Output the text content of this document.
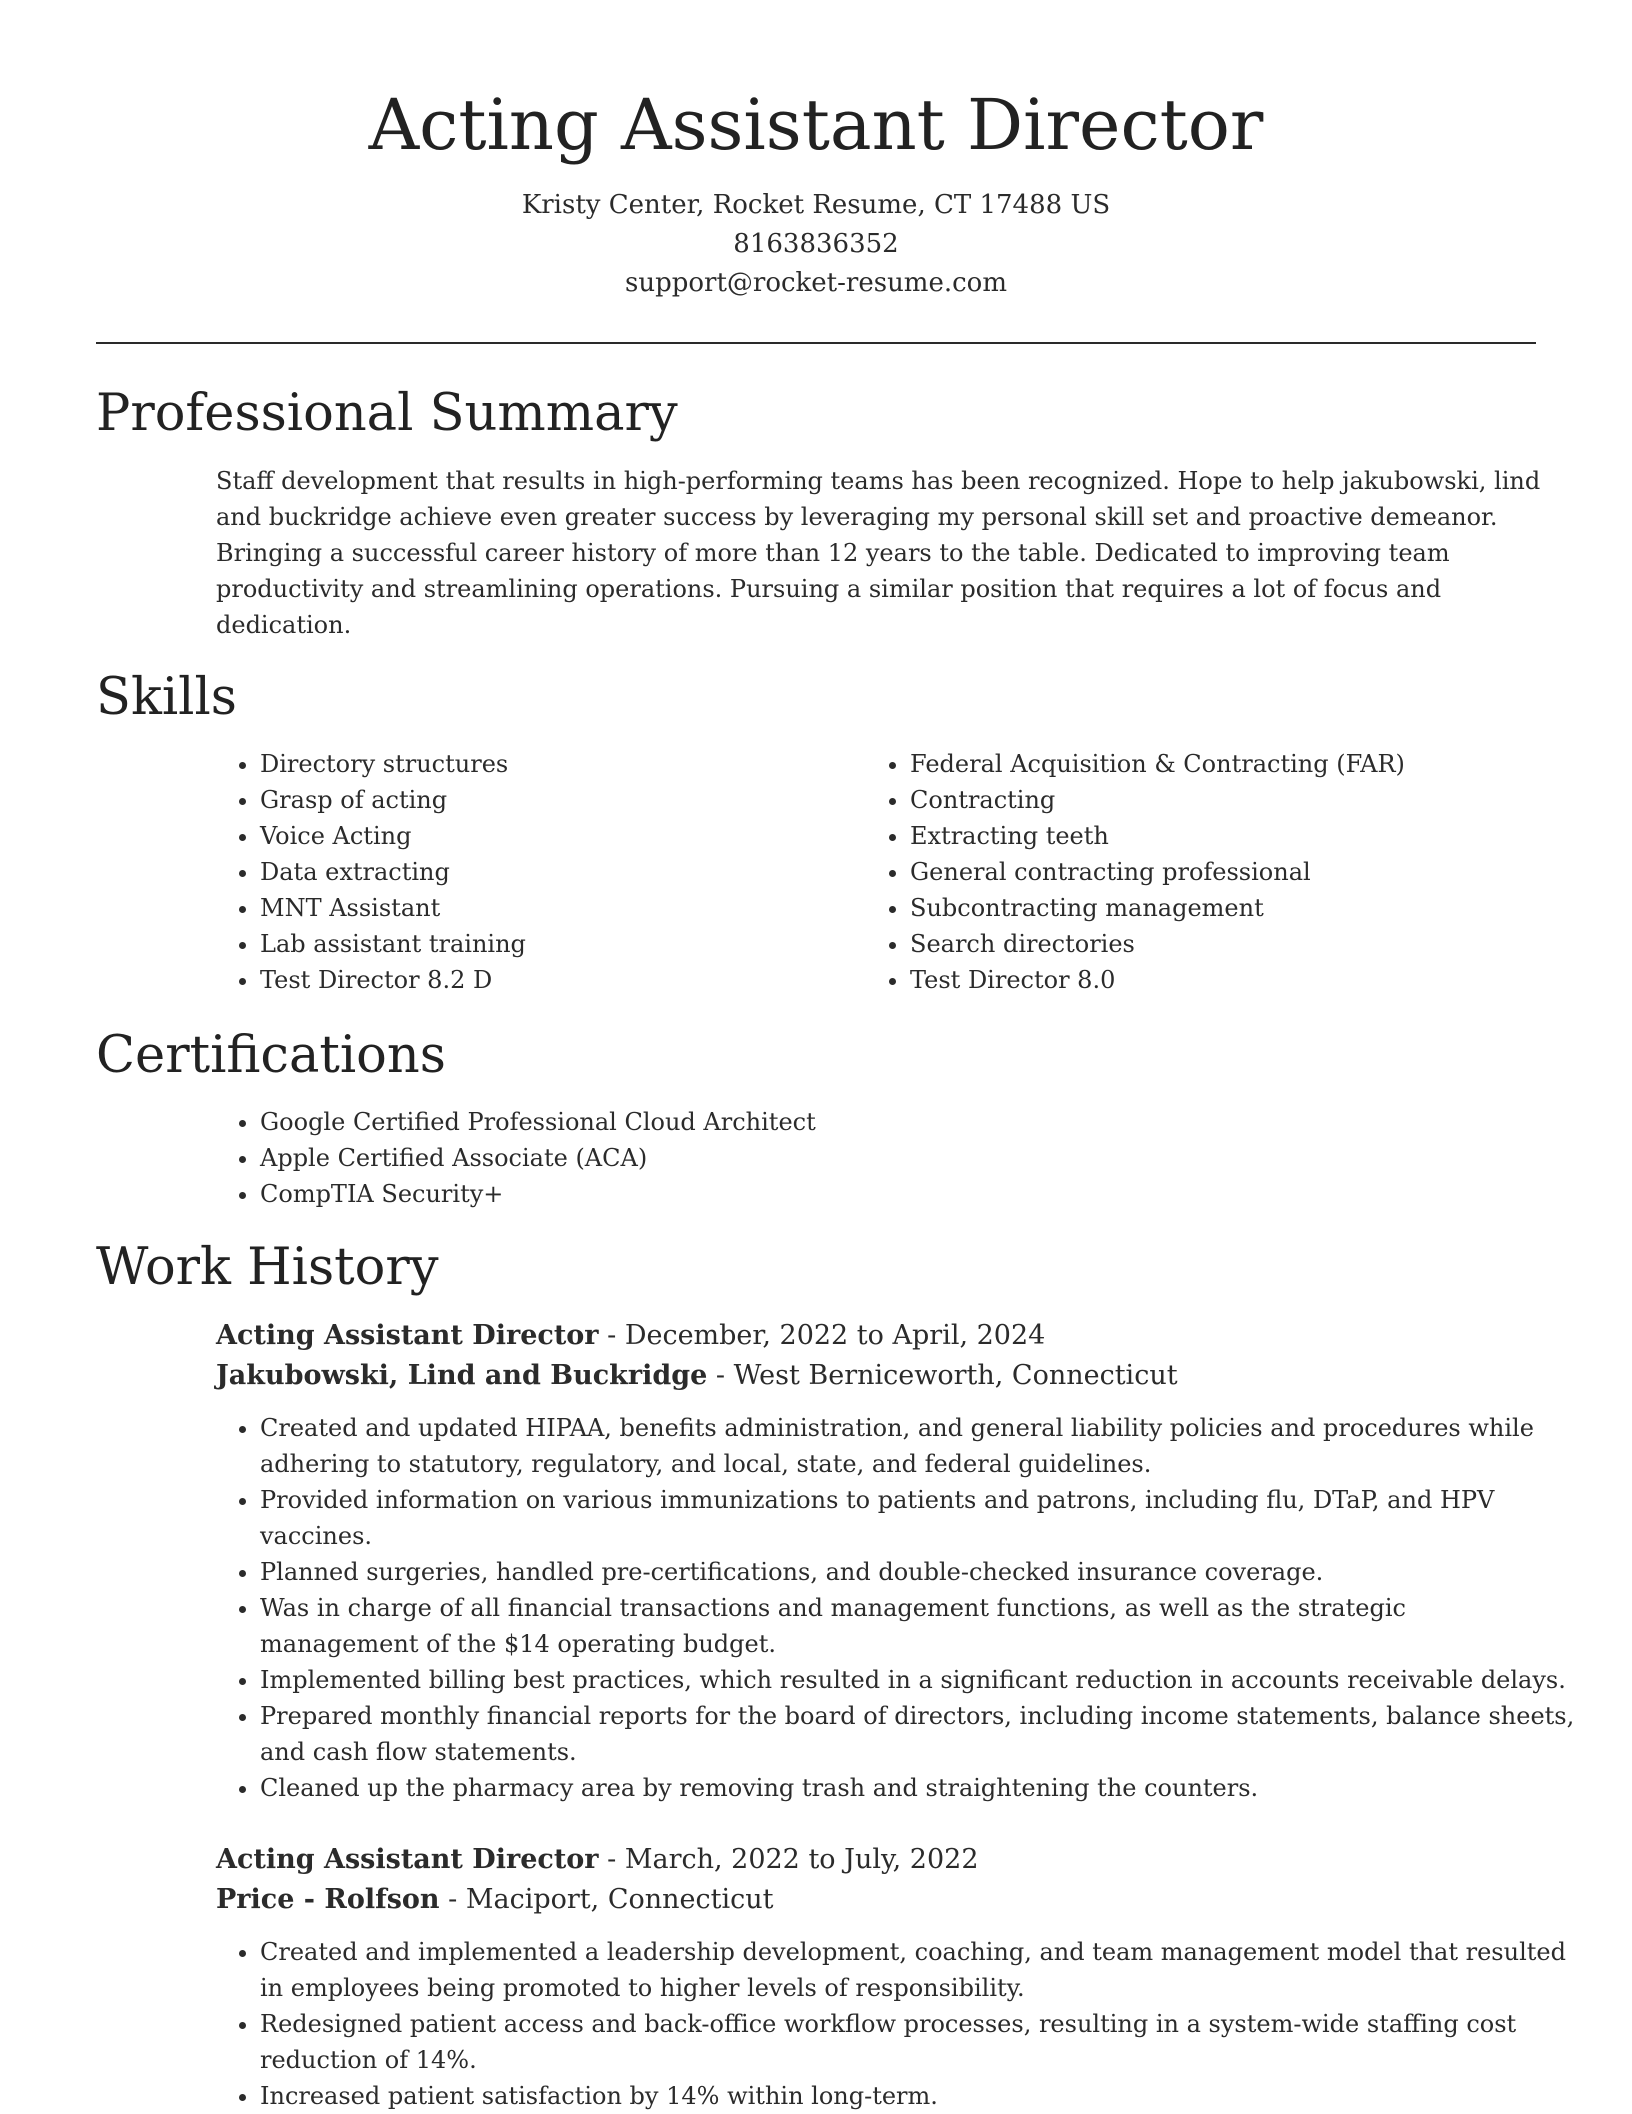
Acting Assistant Director
Kristy Center, Rocket Resume, CT 17488 US
8163836352
support@rocket-resume.com
Professional Summary
Staff development that results in high-performing teams has been recognized. Hope to help jakubowski, lind
and buckridge achieve even greater success by leveraging my personal skill set and proactive demeanor.
Bringing a successful career history of more than 12 years to the table. Dedicated to improving team
productivity and streamlining operations. Pursuing a similar position that requires a lot of focus and
dedication.
Skills
• Directory structures
• Grasp of acting
• Voice Acting
• Data extracting
• MNT Assistant
• Lab assistant training
• Test Director 8.2 D
• Federal Acquisition & Contracting (FAR)
• Contracting
• Extracting teeth
• General contracting professional
• Subcontracting management
• Search directories
• Test Director 8.0
Certifications
• Google Certified Professional Cloud Architect
• Apple Certified Associate (ACA)
• CompTIA Security+
Work History
Acting Assistant Director - December, 2022 to April, 2024
Jakubowski, Lind and Buckridge - West Berniceworth, Connecticut
• Created and updated HIPAA, benefits administration, and general liability policies and procedures while
adhering to statutory, regulatory, and local, state, and federal guidelines.
• Provided information on various immunizations to patients and patrons, including flu, DTaP, and HPV
vaccines.
• Planned surgeries, handled pre-certifications, and double-checked insurance coverage.
• Was in charge of all financial transactions and management functions, as well as the strategic
management of the $14 operating budget.
• Implemented billing best practices, which resulted in a significant reduction in accounts receivable delays.
• Prepared monthly financial reports for the board of directors, including income statements, balance sheets,
and cash flow statements.
• Cleaned up the pharmacy area by removing trash and straightening the counters.
Acting Assistant Director - March, 2022 to July, 2022
Price - Rolfson - Maciport, Connecticut
• Created and implemented a leadership development, coaching, and team management model that resulted
in employees being promoted to higher levels of responsibility.
• Redesigned patient access and back-office workflow processes, resulting in a system-wide staffing cost
reduction of 14%.
• Increased patient satisfaction by 14% within long-term.
